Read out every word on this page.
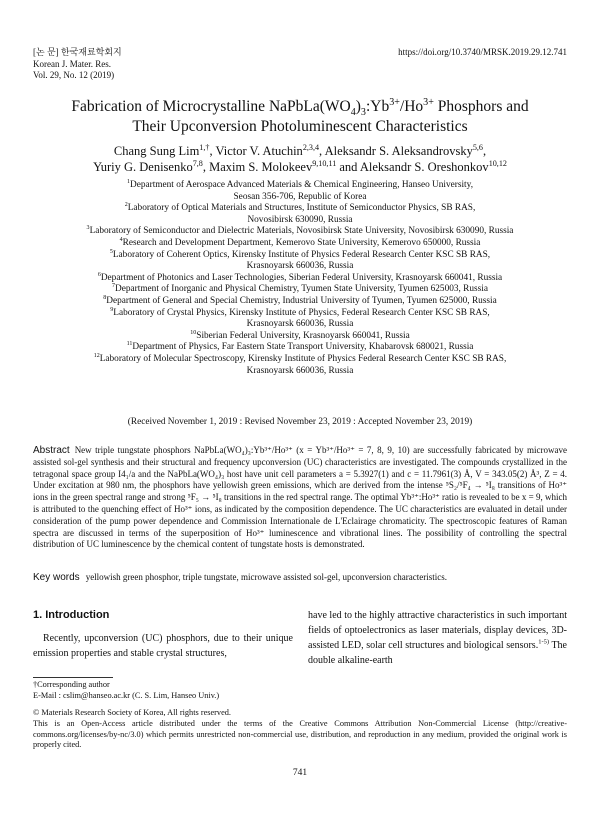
[논 문] 한국재료학회지
Korean J. Mater. Res.
Vol. 29, No. 12 (2019)
https://doi.org/10.3740/MRSK.2019.29.12.741
Fabrication of Microcrystalline $NaPbLa(WO_4)_3:Yb^{3+}/Ho^{3+}$ Phosphors and
Their Upconversion Photoluminescent Characteristics
Chang Sung Lim$^{1,\dagger}$, Victor V. Atuchin$^{2,3,4}$, Aleksandr S. Aleksandrovsky$^{5,6}$,
Yuriy G. Denisenko$^{7,8}$, Maxim S. Molokeev$^{9,10,11}$ and Aleksandr S. Oreshonkov$^{10,12}$
$^1$Department of Aerospace Advanced Materials & Chemical Engineering, Hanseo University,
Seosan 356-706, Republic of Korea
$^2$Laboratory of Optical Materials and Structures, Institute of Semiconductor Physics, SB RAS,
Novosibirsk 630090, Russia
$^3$Laboratory of Semiconductor and Dielectric Materials, Novosibirsk State University, Novosibirsk 630090, Russia
$^4$Research and Development Department, Kemerovo State University, Kemerovo 650000, Russia
$^5$Laboratory of Coherent Optics, Kirensky Institute of Physics Federal Research Center KSC SB RAS,
Krasnoyarsk 660036, Russia
$^6$Department of Photonics and Laser Technologies, Siberian Federal University, Krasnoyarsk 660041, Russia
$^7$Department of Inorganic and Physical Chemistry, Tyumen State University, Tyumen 625003, Russia
$^8$Department of General and Special Chemistry, Industrial University of Tyumen, Tyumen 625000, Russia
$^9$Laboratory of Crystal Physics, Kirensky Institute of Physics, Federal Research Center KSC SB RAS,
Krasnoyarsk 660036, Russia
$^{10}$Siberian Federal University, Krasnoyarsk 660041, Russia
$^{11}$Department of Physics, Far Eastern State Transport University, Khabarovsk 680021, Russia
$^{12}$Laboratory of Molecular Spectroscopy, Kirensky Institute of Physics Federal Research Center KSC SB RAS,
Krasnoyarsk 660036, Russia
(Received November 1, 2019 : Revised November 23, 2019 : Accepted November 23, 2019)
Abstract New triple tungstate phosphors NaPbLa(WO₄)₃:Yb³⁺/Ho³⁺ (x = Yb³⁺/Ho³⁺ = 7, 8, 9, 10) are successfully fabricated by microwave assisted sol-gel synthesis and their structural and frequency upconversion (UC) characteristics are investigated. The compounds crystallized in the tetragonal space group I4₁/a and the NaPbLa(WO₄)₃ host have unit cell parameters a = 5.3927(1) and c = 11.7961(3) Å, V = 343.05(2) Å³, Z = 4. Under excitation at 980 nm, the phosphors have yellowish green emissions, which are derived from the intense ⁵S₂/⁵F₄ → ⁵I₈ transitions of Ho³⁺ ions in the green spectral range and strong ⁵F₅ → ⁵I₈ transitions in the red spectral range. The optimal Yb³⁺:Ho³⁺ ratio is revealed to be x = 9, which is attributed to the quenching effect of Ho³⁺ ions, as indicated by the composition dependence. The UC characteristics are evaluated in detail under consideration of the pump power dependence and Commission Internationale de L'Eclairage chromaticity. The spectroscopic features of Raman spectra are discussed in terms of the superposition of Ho³⁺ luminescence and vibrational lines. The possibility of controlling the spectral distribution of UC luminescence by the chemical content of tungstate hosts is demonstrated.
Key words yellowish green phosphor, triple tungstate, microwave assisted sol-gel, upconversion characteristics.
1. Introduction

Recently, upconversion (UC) phosphors, due to their unique emission properties and stable crystal structures,

have led to the highly attractive characteristics in such important fields of optoelectronics as laser materials, display devices, 3D-assisted LED, solar cell structures and biological sensors.$^{1-5)}$ The double alkaline-earth
†Corresponding author
E-Mail : cslim@hanseo.ac.kr (C. S. Lim, Hanseo Univ.)
© Materials Research Society of Korea, All rights reserved.
This is an Open-Access article distributed under the terms of the Creative Commons Attribution Non-Commercial License (http://creative-commons.org/licenses/by-nc/3.0) which permits unrestricted non-commercial use, distribution, and reproduction in any medium, provided the original work is properly cited.
741
